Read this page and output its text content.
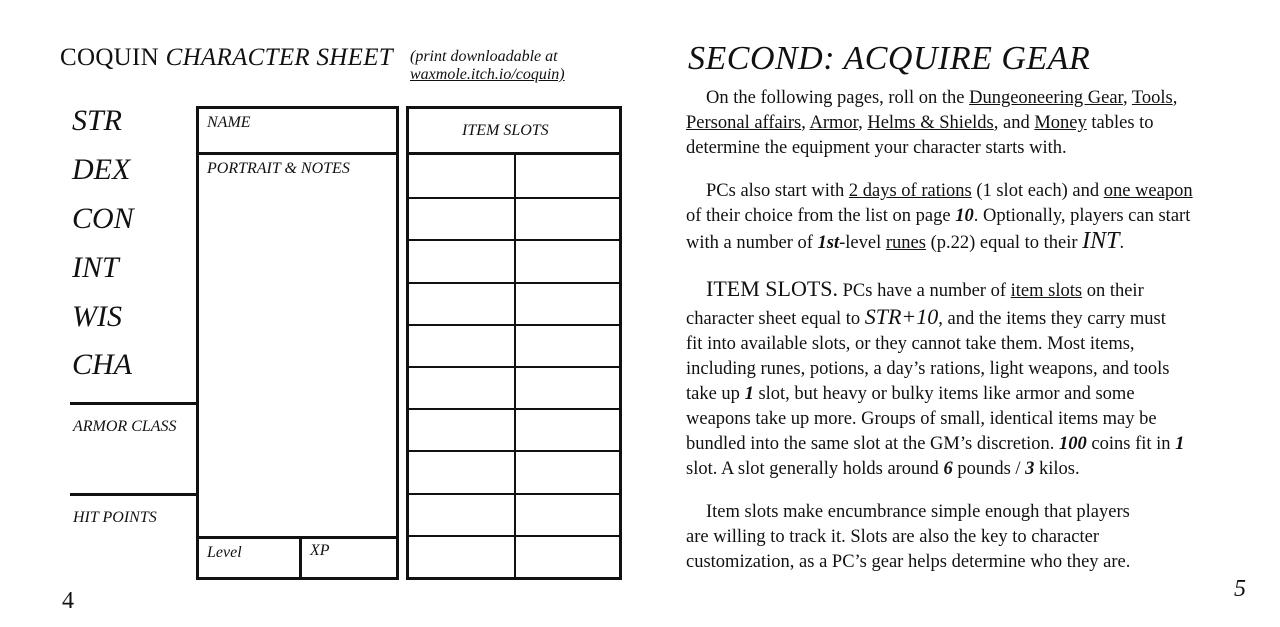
COQUIN CHARACTER SHEET (print downloadable at
waxmole.itch.io/coquin)
STR
DEX
CON
INT
WIS
CHA
ARMOR CLASS
HIT POINTS
NAME
PORTRAIT & NOTES
Level	XP
ITEM SLOTS
4
SECOND: ACQUIRE GEAR
On the following pages, roll on the Dungeoneering Gear, Tools,
Personal affairs, Armor, Helms & Shields, and Money tables to
determine the equipment your character starts with.
PCs also start with 2 days of rations (1 slot each) and one weapon
of their choice from the list on page 10. Optionally, players can start
with a number of 1st-level runes (p.22) equal to their INT.
ITEM SLOTS. PCs have a number of item slots on their
character sheet equal to STR+10, and the items they carry must
fit into available slots, or they cannot take them. Most items,
including runes, potions, a day’s rations, light weapons, and tools
take up 1 slot, but heavy or bulky items like armor and some
weapons take up more. Groups of small, identical items may be
bundled into the same slot at the GM’s discretion. 100 coins fit in 1
slot. A slot generally holds around 6 pounds / 3 kilos.
Item slots make encumbrance simple enough that players
are willing to track it. Slots are also the key to character
customization, as a PC’s gear helps determine who they are.
5
